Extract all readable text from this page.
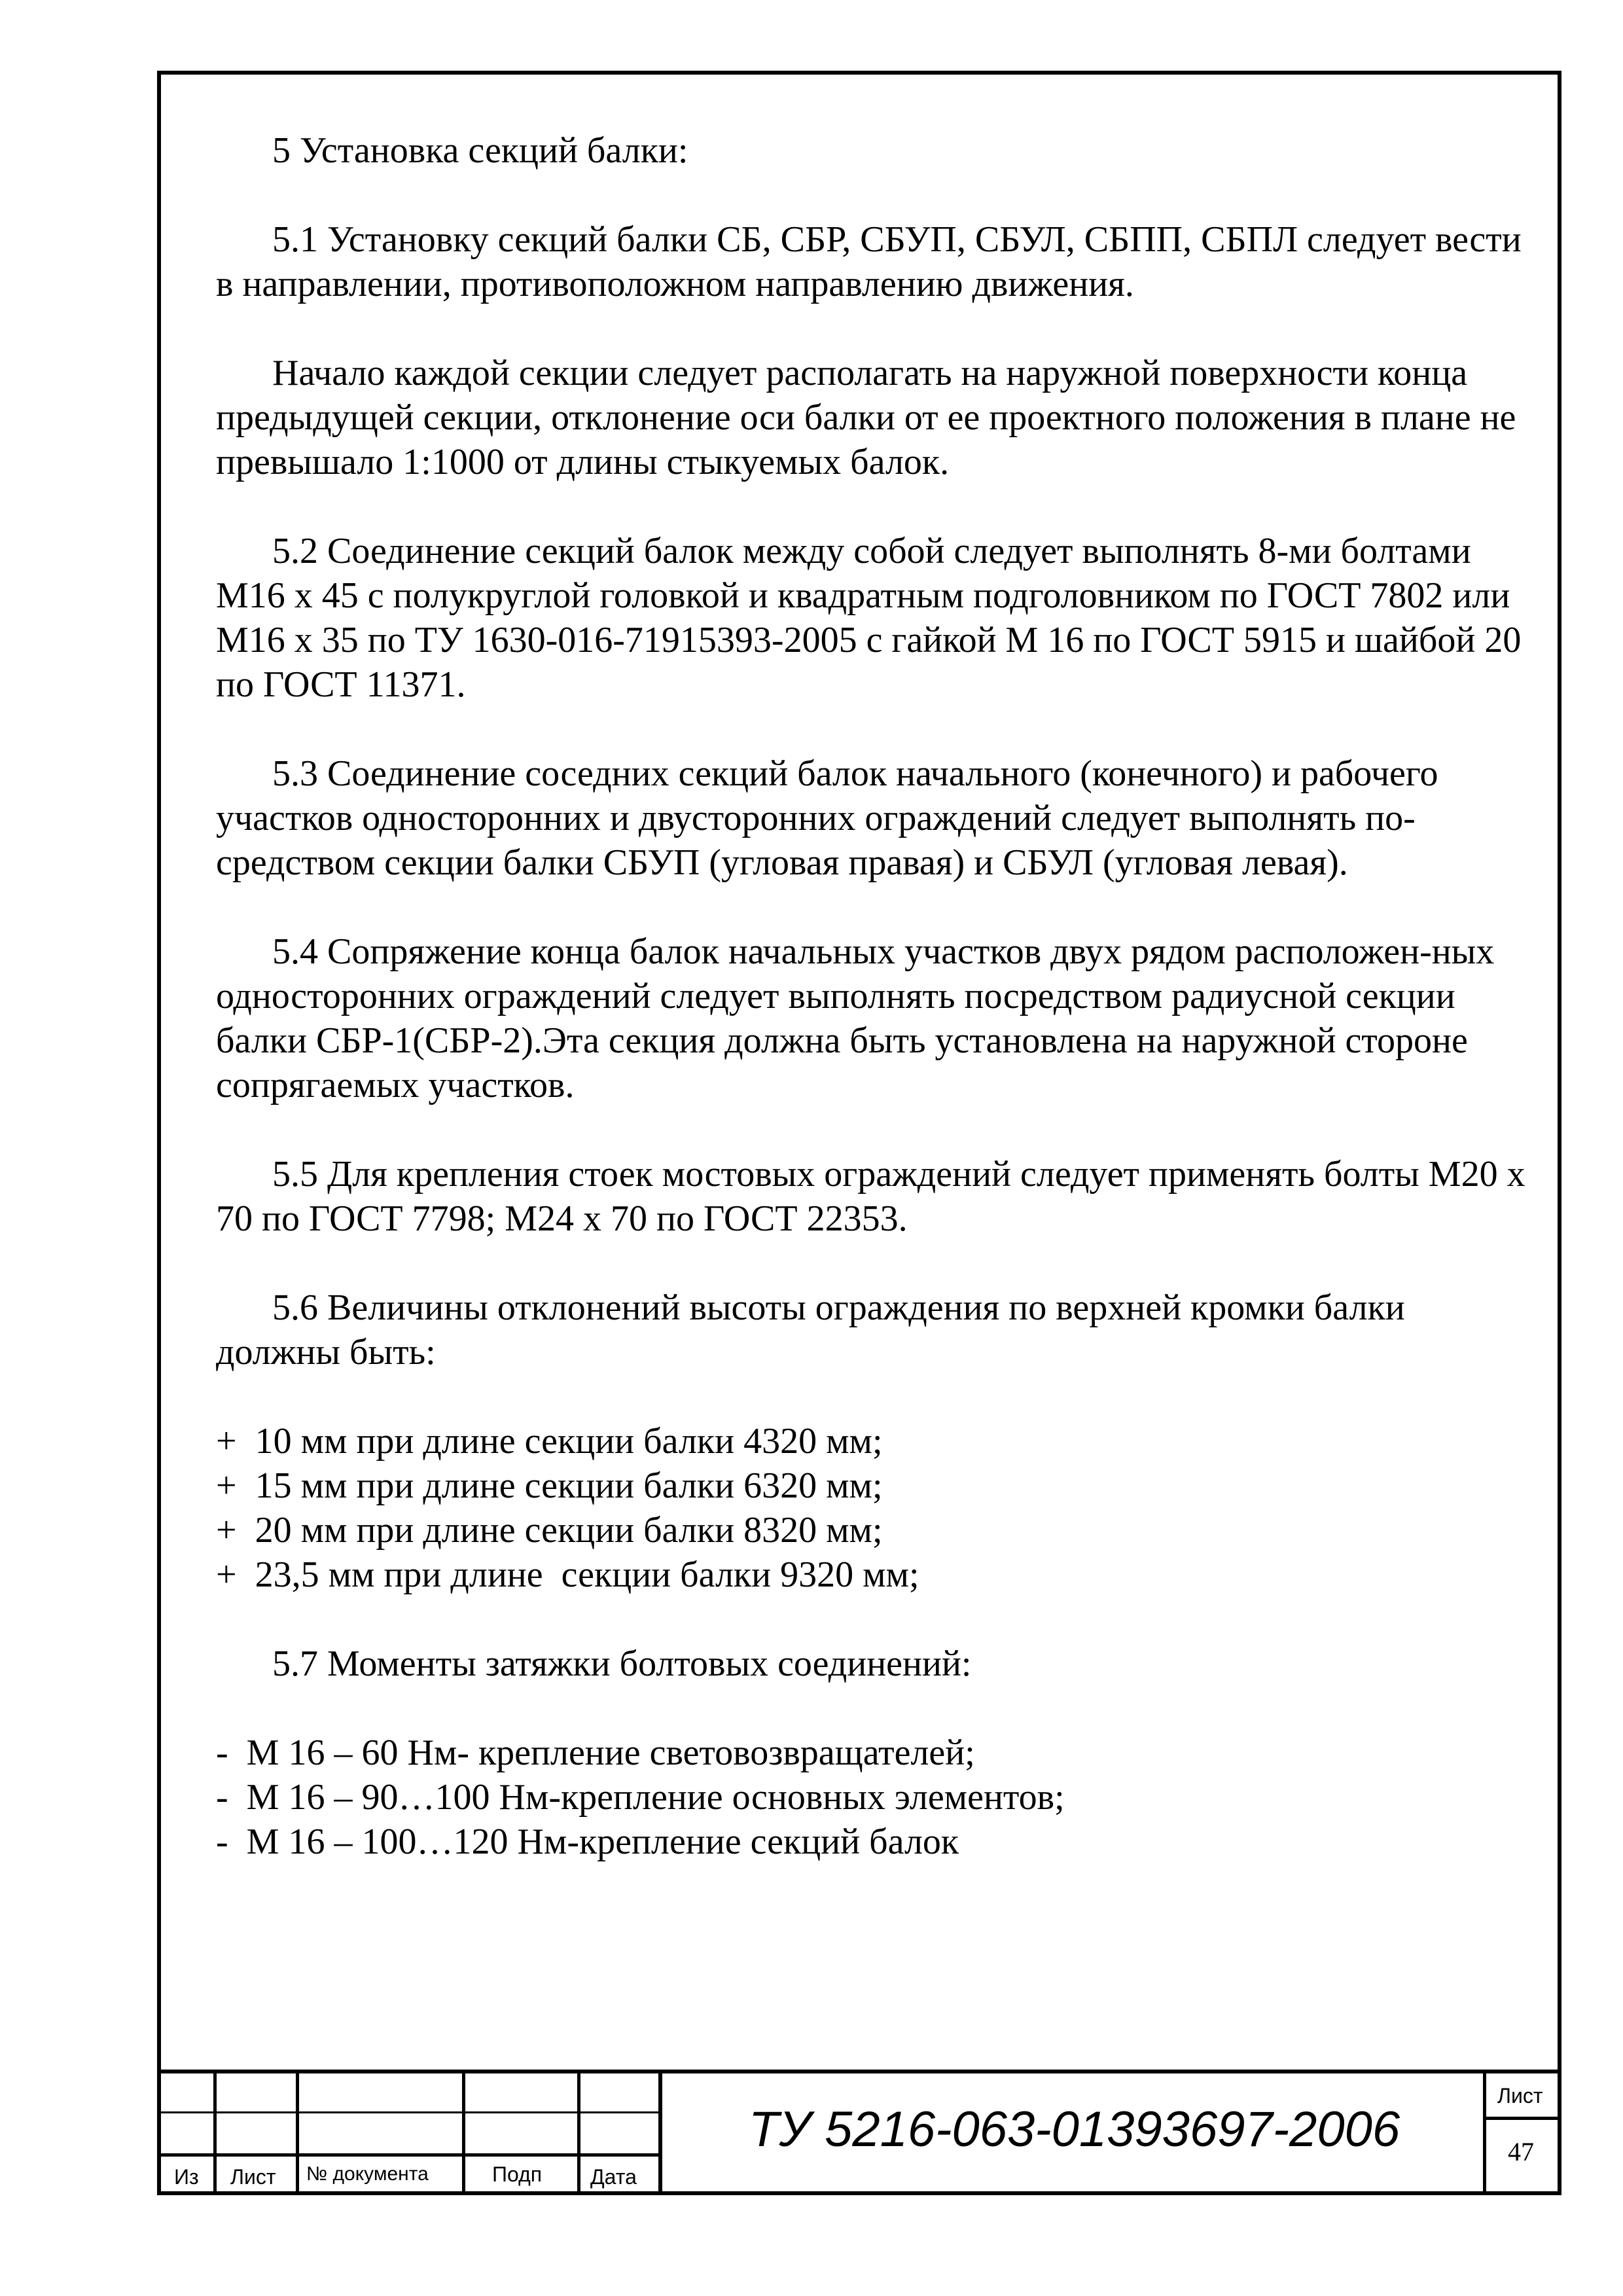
5 Установка секций балки:

5.1 Установку секций балки СБ, СБР, СБУП, СБУЛ, СБПП, СБПЛ следует вести в направлении, противоположном направлению движения.

Начало каждой секции следует располагать на наружной поверхности конца предыдущей секции, отклонение оси балки от ее проектного положения в плане не превышало 1:1000 от длины стыкуемых балок.

5.2 Соединение секций балок между собой следует выполнять 8-ми болтами М16 х 45 с полукруглой головкой и квадратным подголовником по ГОСТ 7802 или М16 х 35 по ТУ 1630-016-71915393-2005 с гайкой М 16 по ГОСТ 5915 и шайбой 20 по ГОСТ 11371.

5.3 Соединение соседних секций балок начального (конечного) и рабочего участков односторонних и двусторонних ограждений следует выполнять по-средством секции балки СБУП (угловая правая) и СБУЛ (угловая левая).

5.4 Сопряжение конца балок начальных участков двух рядом расположен-ных односторонних ограждений следует выполнять посредством радиусной секции балки СБР-1(СБР-2).Эта секция должна быть установлена на наружной стороне сопрягаемых участков.

5.5 Для крепления стоек мостовых ограждений следует применять болты М20 х 70 по ГОСТ 7798; М24 х 70 по ГОСТ 22353.

5.6 Величины отклонений высоты ограждения по верхней кромки балки должны быть:

+  10 мм при длине секции балки 4320 мм;

+  15 мм при длине секции балки 6320 мм;

+  20 мм при длине секции балки 8320 мм;

+  23,5 мм при длине  секции балки 9320 мм;

5.7 Моменты затяжки болтовых соединений:

-  М 16 – 60 Нм- крепление световозвращателей;

-  М 16 – 90…100 Нм-крепление основных элементов;

-  М 16 – 100…120 Нм-крепление секций балок

Из Лист № документа	Подп Дата
ТУ 5216-063-01393697-2006
Лист
47
